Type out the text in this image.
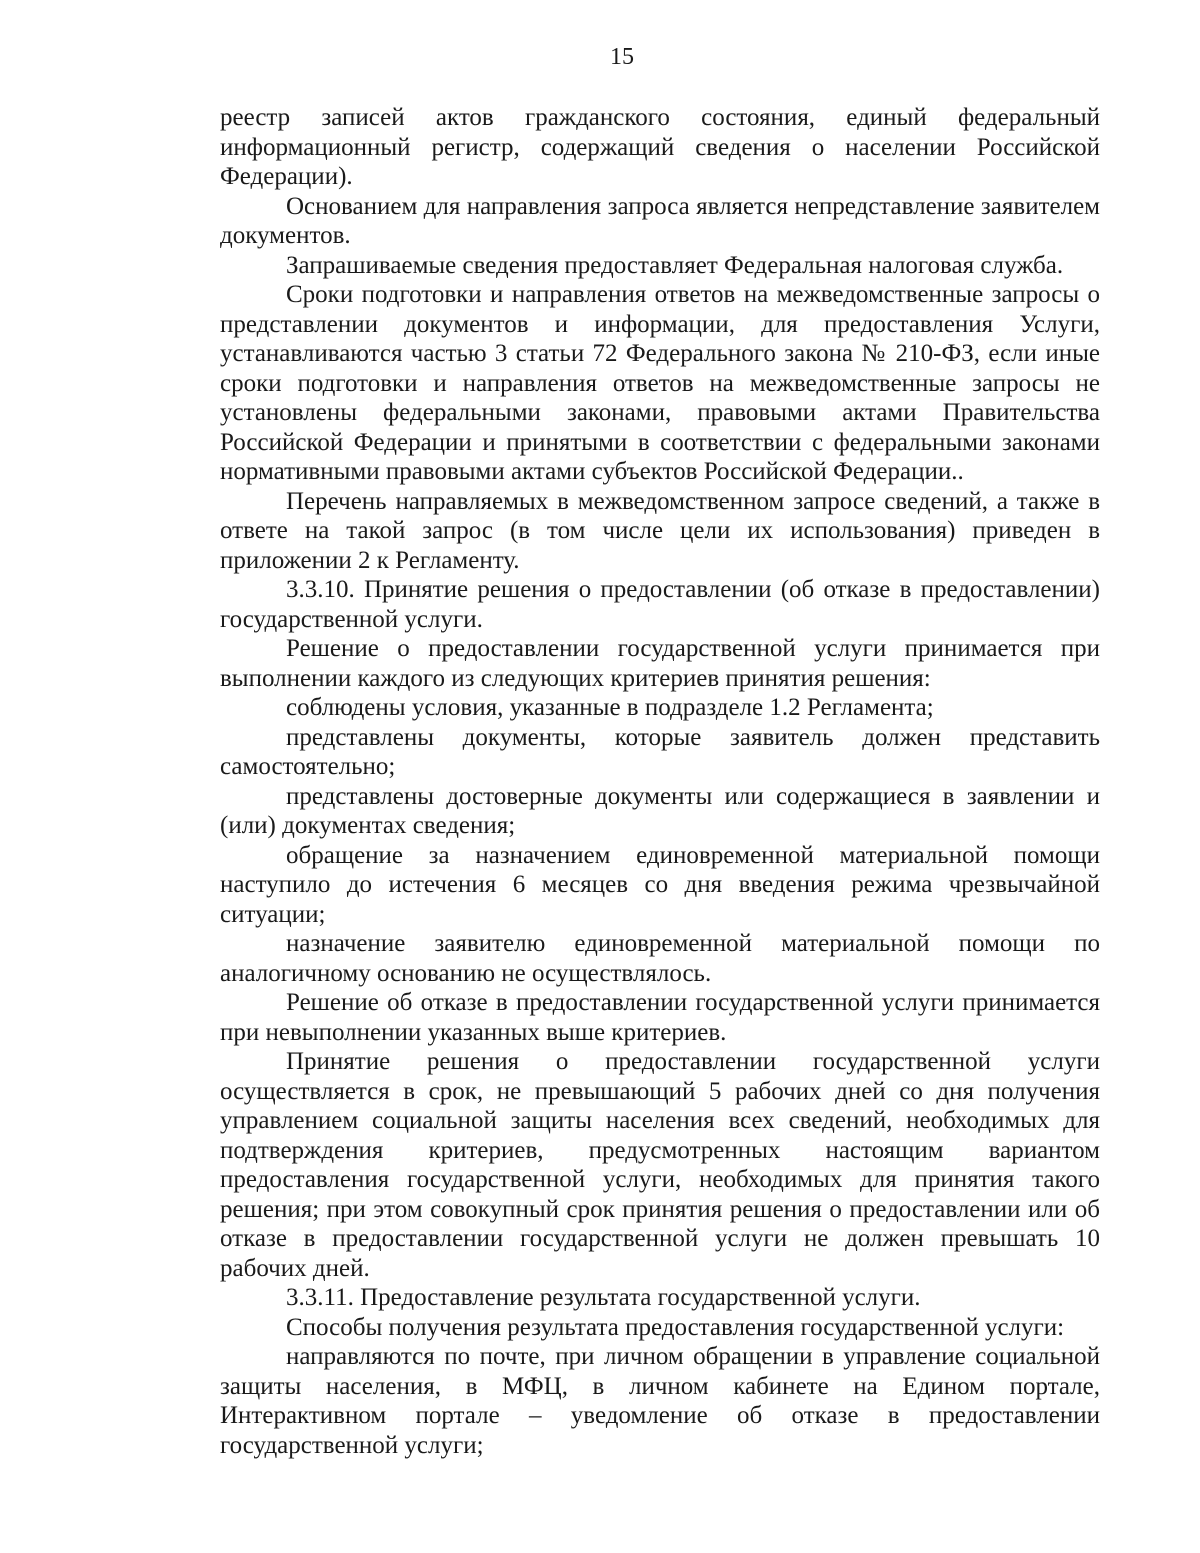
15

реестр записей актов гражданского состояния, единый федеральный информационный регистр, содержащий сведения о населении Российской Федерации).

Основанием для направления запроса является непредставление заявителем документов.

Запрашиваемые сведения предоставляет Федеральная налоговая служба.

Сроки подготовки и направления ответов на межведомственные запросы о представлении документов и информации, для предоставления Услуги, устанавливаются частью 3 статьи 72 Федерального закона № 210-ФЗ, если иные сроки подготовки и направления ответов на межведомственные запросы не установлены федеральными законами, правовыми актами Правительства Российской Федерации и принятыми в соответствии с федеральными законами нормативными правовыми актами субъектов Российской Федерации..

Перечень направляемых в межведомственном запросе сведений, а также в ответе на такой запрос (в том числе цели их использования) приведен в приложении 2 к Регламенту.

3.3.10. Принятие решения о предоставлении (об отказе в предоставлении) государственной услуги.

Решение о предоставлении государственной услуги принимается при выполнении каждого из следующих критериев принятия решения:

соблюдены условия, указанные в подразделе 1.2 Регламента;

представлены документы, которые заявитель должен представить самостоятельно;

представлены достоверные документы или содержащиеся в заявлении и (или) документах сведения;

обращение за назначением единовременной материальной помощи наступило до истечения 6 месяцев со дня введения режима чрезвычайной ситуации;

назначение заявителю единовременной материальной помощи по аналогичному основанию не осуществлялось.

Решение об отказе в предоставлении государственной услуги принимается при невыполнении указанных выше критериев.

Принятие решения о предоставлении государственной услуги осуществляется в срок, не превышающий 5 рабочих дней со дня получения управлением социальной защиты населения всех сведений, необходимых для подтверждения критериев, предусмотренных настоящим вариантом предоставления государственной услуги, необходимых для принятия такого решения; при этом совокупный срок принятия решения о предоставлении или об отказе в предоставлении государственной услуги не должен превышать 10 рабочих дней.

3.3.11. Предоставление результата государственной услуги.

Способы получения результата предоставления государственной услуги:

направляются по почте, при личном обращении в управление социальной защиты населения, в МФЦ, в личном кабинете на Едином портале, Интерактивном портале – уведомление об отказе в предоставлении государственной услуги;
